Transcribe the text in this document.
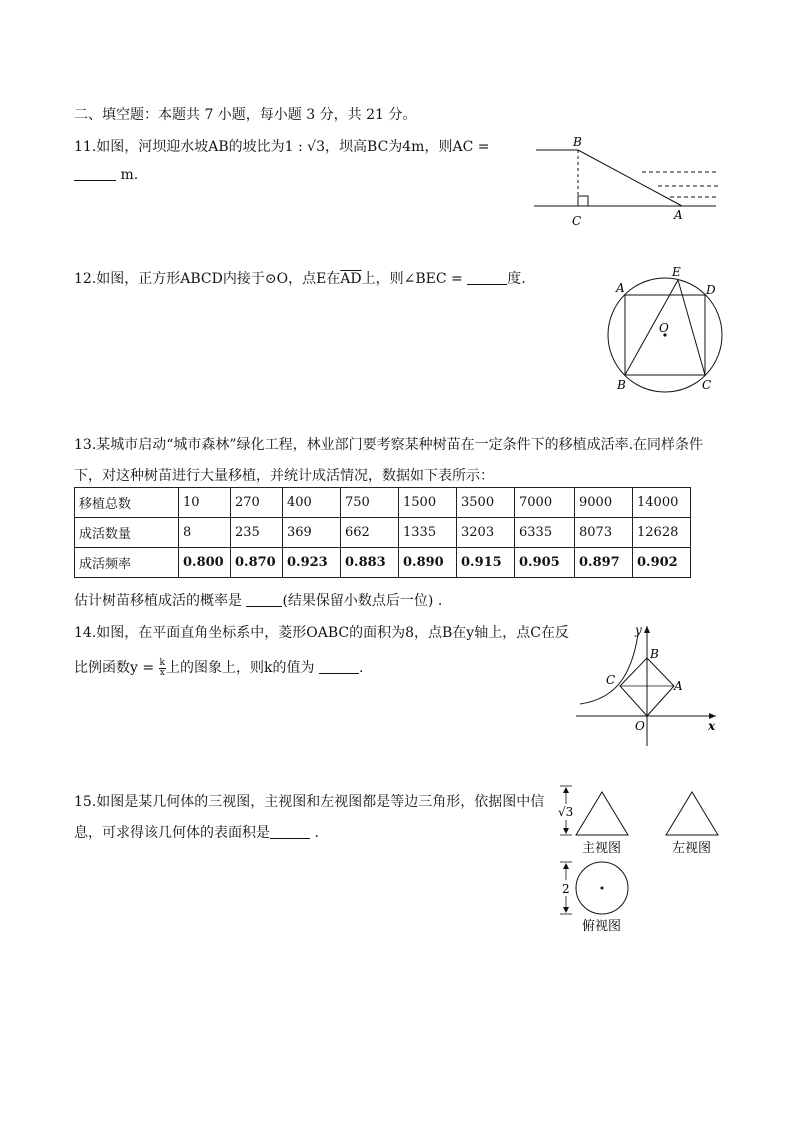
二、填空题：本题共 7 小题，每小题 3 分，共 21 分。
11.如图，河坝迎水坡AB的坡比为1 : √3，坝高BC为4m，则AC =
m.
B
C	A
12.如图，正方形ABCD内接于⊙O，点E在$\overline{AD}$上，则∠BEC =	度.
A
E
D
O
B	C
13.某城市启动“城市森林”绿化工程，林业部门要考察某种树苗在一定条件下的移植成活率.在同样条件
下，对这种树苗进行大量移植，并统计成活情况，数据如下表所示：
移植总数	10	270	400	750	1500	3500	7000	9000	14000
成活数量	8	235	369	662	1335	3203	6335	8073	12628
成活频率	0.800	0.870	0.923	0.883	0.890	0.915	0.905	0.897	0.902
估计树苗移植成活的概率是	(结果保留小数点后一位) .
14.如图，在平面直角坐标系中，菱形OABC的面积为8，点B在y轴上，点C在反
比例函数$y = \frac{k}{x}$ 上的图象上，则k的值为	.
y
B
C	A
O	x
15.如图是某几何体的三视图，主视图和左视图都是等边三角形，依据图中信
息，可求得该几何体的表面积是	.
√3
主视图	左视图
2
俯视图
